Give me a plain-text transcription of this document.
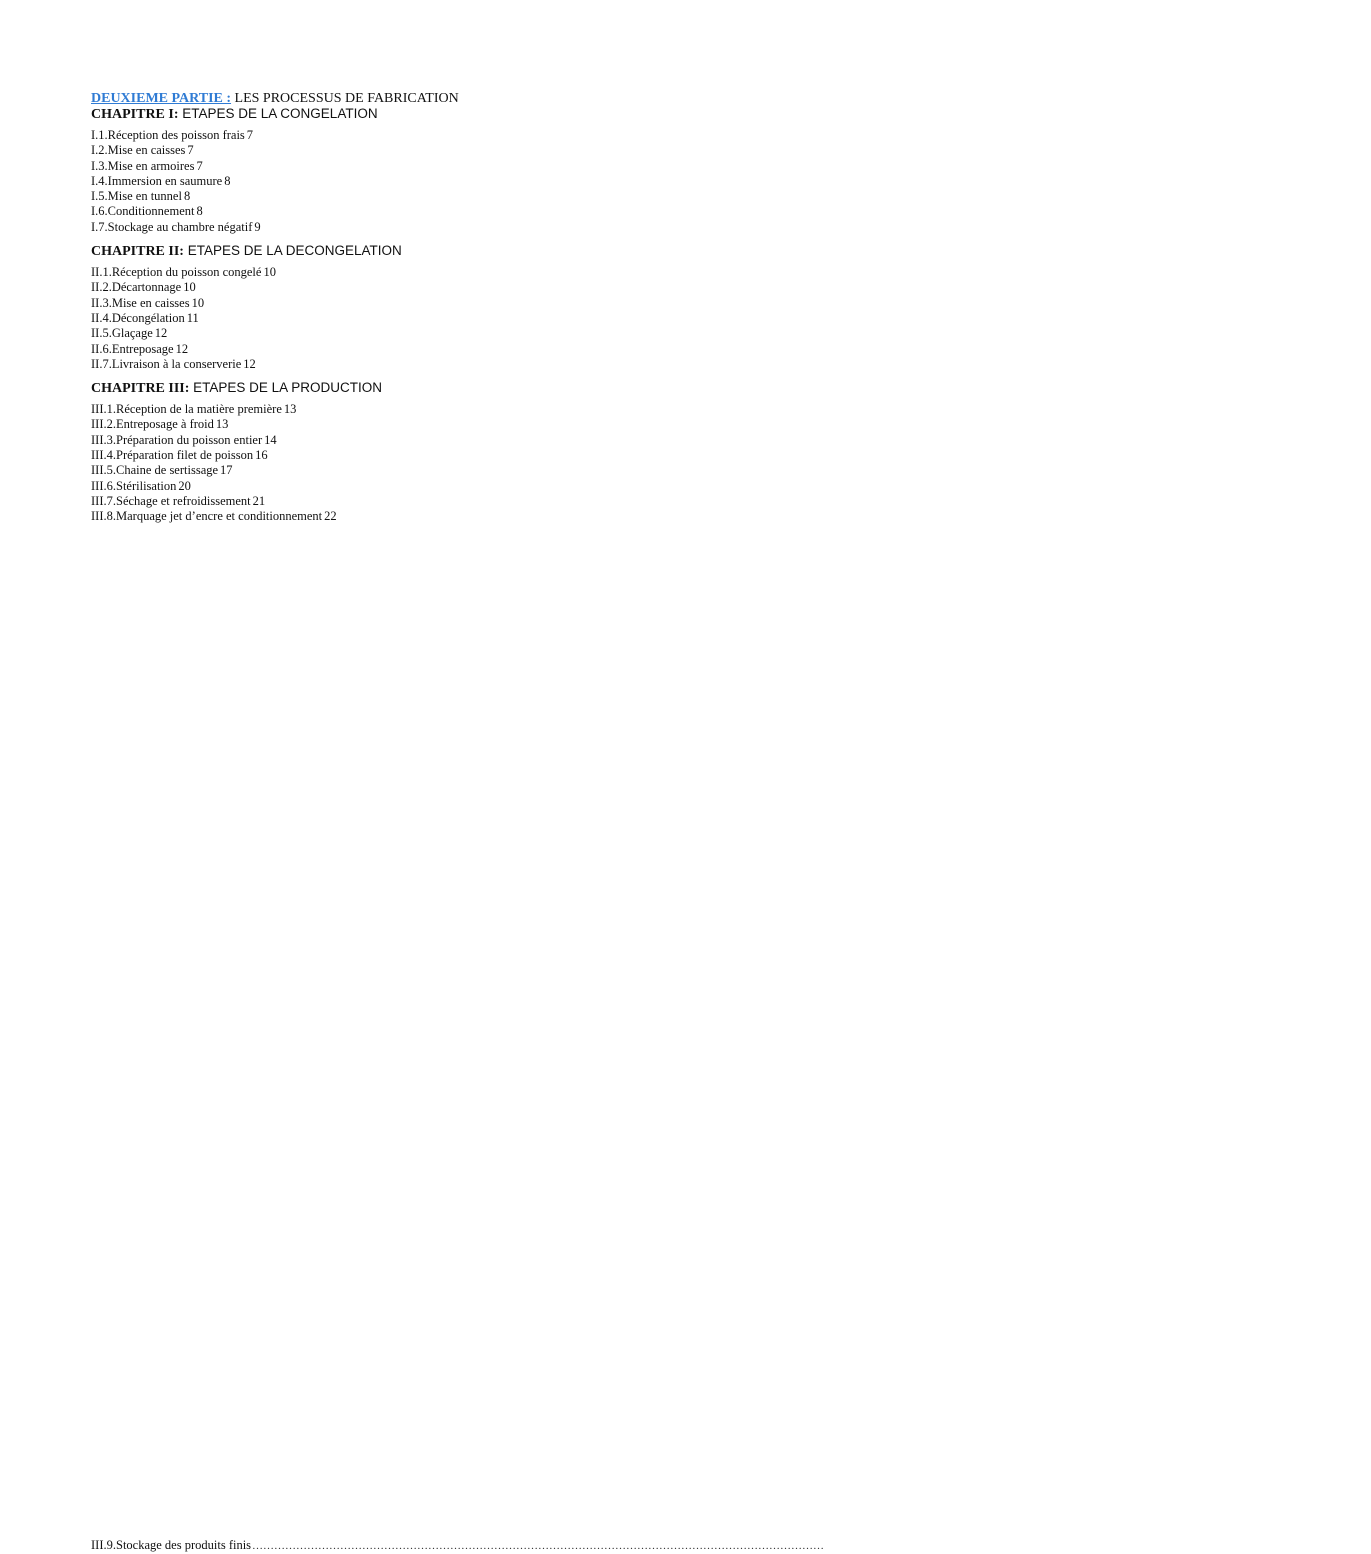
DEUXIEME PARTIE : LES PROCESSUS DE FABRICATION
CHAPITRE I: ETAPES DE LA CONGELATION
I.1.Réception des poisson frais 7
I.2.Mise en caisses 7
I.3.Mise en armoires 7
I.4.Immersion en saumure 8
I.5.Mise en tunnel 8
I.6.Conditionnement 8
I.7.Stockage au chambre négatif 9
CHAPITRE II: ETAPES DE LA DECONGELATION
II.1.Réception du poisson congelé 10
II.2.Décartonnage 10
II.3.Mise en caisses 10
II.4.Décongélation 11
II.5.Glaçage 12
II.6.Entreposage 12
II.7.Livraison à la conserverie 12
CHAPITRE III: ETAPES DE LA PRODUCTION
III.1.Réception de la matière première 13
III.2.Entreposage à froid 13
III.3.Préparation du poisson entier 14
III.4.Préparation filet de poisson 16
III.5.Chaine de sertissage 17
III.6.Stérilisation 20
III.7.Séchage et refroidissement 21
III.8.Marquage jet d’encre et conditionnement 22
III.9.Stockage des produits finis
…………………………………………………………………………………………………………………………………………
